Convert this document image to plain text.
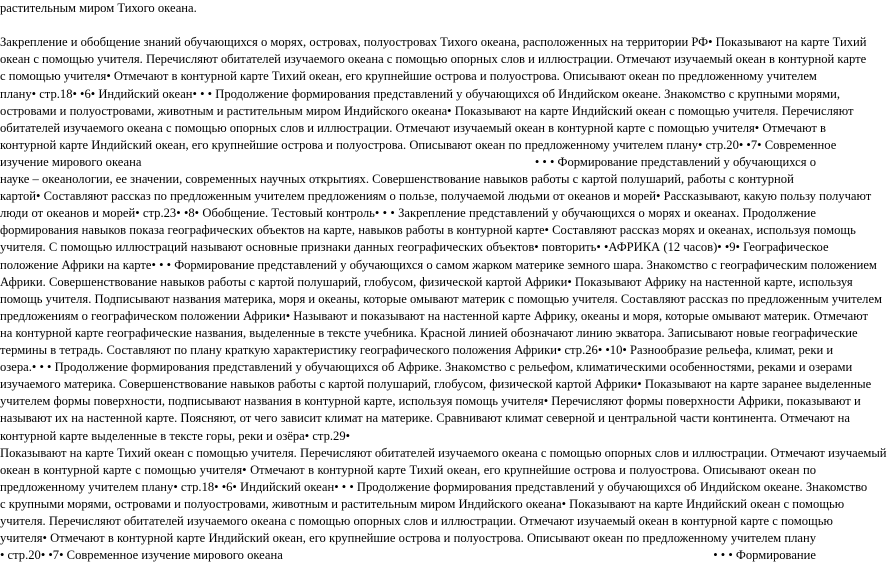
растительным миром Тихого океана.
Закрепление и обобщение знаний обучающихся о морях, островах, полуостровах Тихого океана, расположенных на территории РФ• Показывают на карте Тихий
океан с помощью учителя. Перечисляют обитателей изучаемого океана с помощью опорных слов и иллюстрации. Отмечают изучаемый океан в контурной карте
с помощью учителя• Отмечают в контурной карте Тихий океан, его крупнейшие острова и полуострова. Описывают океан по предложенному учителем
плану• стр.18• •6• Индийский океан• • • Продолжение формирования представлений у обучающихся об Индийском океане. Знакомство с крупными морями,
островами и полуостровами, животным и растительным миром Индийского океана• Показывают на карте Индийский океан с помощью учителя. Перечисляют
обитателей изучаемого океана с помощью опорных слов и иллюстрации. Отмечают изучаемый океан в контурной карте с помощью учителя• Отмечают в
контурной карте Индийский океан, его крупнейшие острова и полуострова. Описывают океан по предложенному учителем плану• стр.20• •7• Современное
изучение мирового океана	• • • Формирование представлений у обучающихся о
науке – океанологии, ее значении, современных научных открытиях. Совершенствование навыков работы с картой полушарий, работы с контурной
картой• Составляют рассказ по предложенным учителем предложениям о пользе, получаемой людьми от океанов и морей• Рассказывают, какую пользу получают
люди от океанов и морей• стр.23• •8• Обобщение. Тестовый контроль• • • Закрепление представлений у обучающихся о морях и океанах. Продолжение
формирования навыков показа географических объектов на карте, навыков работы в контурной карте• Составляют рассказ морях и океанах, используя помощь
учителя. С помощью иллюстраций называют основные признаки данных географических объектов• повторить• •АФРИКА (12 часов)• •9• Географическое
положение Африки на карте• • • Формирование представлений у обучающихся о самом жарком материке земного шара. Знакомство с географическим положением
Африки. Совершенствование навыков работы с картой полушарий, глобусом, физической картой Африки• Показывают Африку на настенной карте, используя
помощь учителя. Подписывают названия материка, моря и океаны, которые омывают материк с помощью учителя. Составляют рассказ по предложенным учителем
предложениям о географическом положении Африки• Называют и показывают на настенной карте Африку, океаны и моря, которые омывают материк. Отмечают
на контурной карте географические названия, выделенные в тексте учебника. Красной линией обозначают линию экватора. Записывают новые географические
термины в тетрадь. Составляют по плану краткую характеристику географического положения Африки• стр.26• •10• Разнообразие рельефа, климат, реки и
озера.• • • Продолжение формирования представлений у обучающихся об Африке. Знакомство с рельефом, климатическими особенностями, реками и озерами
изучаемого материка. Совершенствование навыков работы с картой полушарий, глобусом, физической картой Африки• Показывают на карте заранее выделенные
учителем формы поверхности, подписывают названия в контурной карте, используя помощь учителя• Перечисляют формы поверхности Африки, показывают и
называют их на настенной карте. Поясняют, от чего зависит климат на материке. Сравнивают климат северной и центральной части континента. Отмечают на
контурной карте выделенные в тексте горы, реки и озёра• стр.29•
Показывают на карте Тихий океан с помощью учителя. Перечисляют обитателей изучаемого океана с помощью опорных слов и иллюстрации. Отмечают изучаемый
океан в контурной карте с помощью учителя• Отмечают в контурной карте Тихий океан, его крупнейшие острова и полуострова. Описывают океан по
предложенному учителем плану• стр.18• •6• Индийский океан• • • Продолжение формирования представлений у обучающихся об Индийском океане. Знакомство
с крупными морями, островами и полуостровами, животным и растительным миром Индийского океана• Показывают на карте Индийский океан с помощью
учителя. Перечисляют обитателей изучаемого океана с помощью опорных слов и иллюстрации. Отмечают изучаемый океан в контурной карте с помощью
учителя• Отмечают в контурной карте Индийский океан, его крупнейшие острова и полуострова. Описывают океан по предложенному учителем плану
• стр.20• •7• Современное изучение мирового океана	• • • Формирование
